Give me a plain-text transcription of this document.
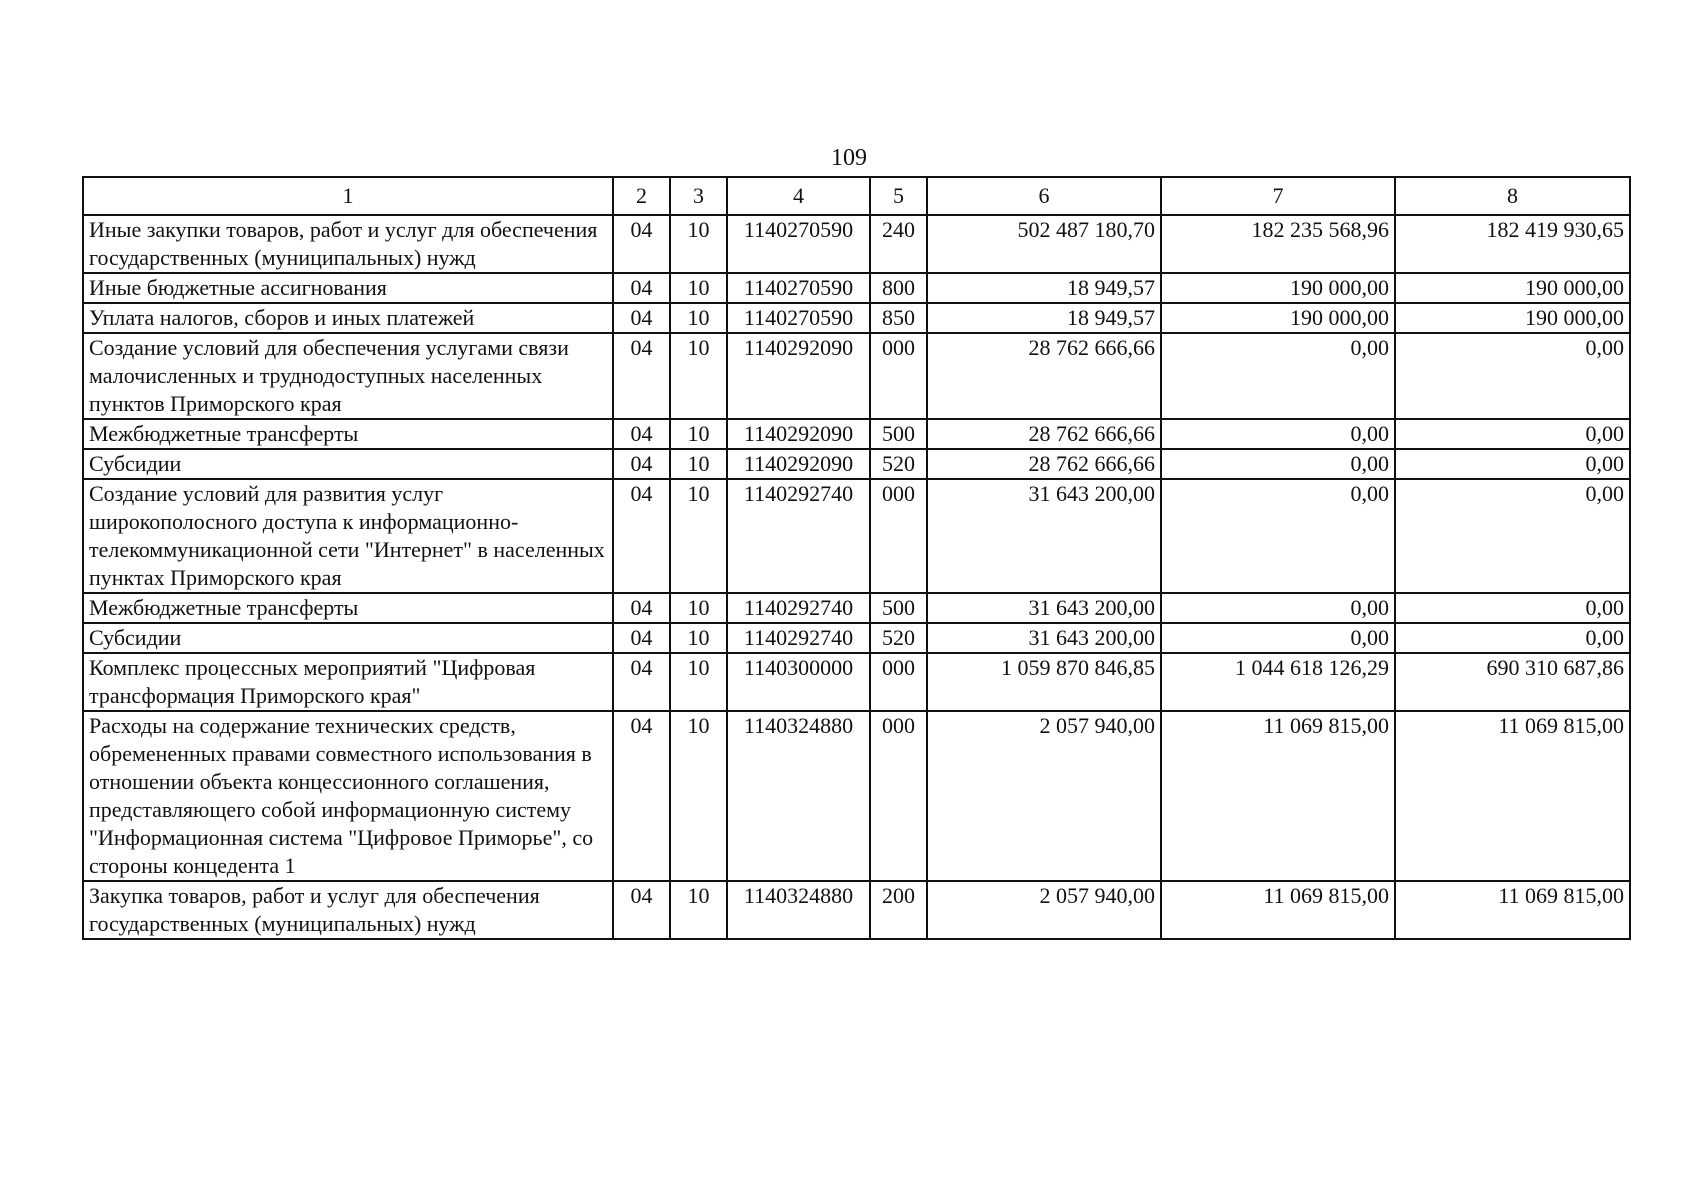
109
1	2	3	4	5	6	7	8
Иные закупки товаров, работ и услуг для обеспечения государственных (муниципальных) нужд	04	10	1140270590	240	502 487 180,70	182 235 568,96	182 419 930,65
Иные бюджетные ассигнования	04	10	1140270590	800	18 949,57	190 000,00	190 000,00
Уплата налогов, сборов и иных платежей	04	10	1140270590	850	18 949,57	190 000,00	190 000,00
Создание условий для обеспечения услугами связи малочисленных и труднодоступных населенных пунктов Приморского края	04	10	1140292090	000	28 762 666,66	0,00	0,00
Межбюджетные трансферты	04	10	1140292090	500	28 762 666,66	0,00	0,00
Субсидии	04	10	1140292090	520	28 762 666,66	0,00	0,00
Создание условий для развития услуг широкополосного доступа к информационно-телекоммуникационной сети "Интернет" в населенных пунктах Приморского края	04	10	1140292740	000	31 643 200,00	0,00	0,00
Межбюджетные трансферты	04	10	1140292740	500	31 643 200,00	0,00	0,00
Субсидии	04	10	1140292740	520	31 643 200,00	0,00	0,00
Комплекс процессных мероприятий "Цифровая трансформация Приморского края"	04	10	1140300000	000	1 059 870 846,85	1 044 618 126,29	690 310 687,86
Расходы на содержание технических средств, обремененных правами совместного использования в отношении объекта концессионного соглашения, представляющего собой информационную систему "Информационная система "Цифровое Приморье", со стороны концедента 1	04	10	1140324880	000	2 057 940,00	11 069 815,00	11 069 815,00
Закупка товаров, работ и услуг для обеспечения государственных (муниципальных) нужд	04	10	1140324880	200	2 057 940,00	11 069 815,00	11 069 815,00
